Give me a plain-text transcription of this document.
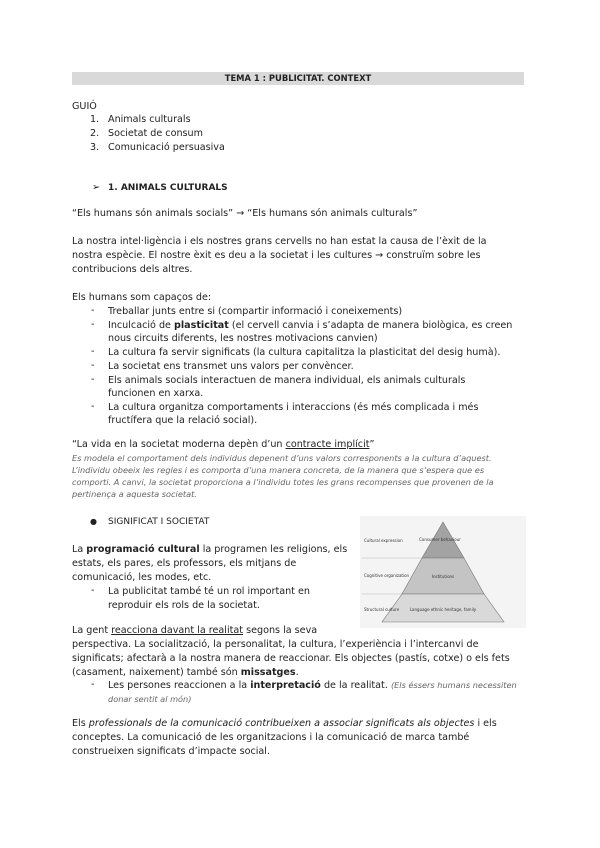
TEMA 1 : PUBLICITAT. CONTEXT
GUIÓ
1. Animals culturals
2. Societat de consum
3. Comunicació persuasiva
➢ 1. ANIMALS CULTURALS
“Els humans són animals socials” → “Els humans són animals culturals”
La nostra intel·ligència i els nostres grans cervells no han estat la causa de l’èxit de la
nostra espècie. El nostre èxit es deu a la societat i les cultures → construïm sobre les
contribucions dels altres.
Els humans som capaços de:
- Treballar junts entre si (compartir informació i coneixements)
- Inculcació de plasticitat (el cervell canvia i s’adapta de manera biològica, es creen
nous circuits diferents, les nostres motivacions canvien)
- La cultura fa servir significats (la cultura capitalitza la plasticitat del desig humà).
- La societat ens transmet uns valors per convèncer.
- Els animals socials interactuen de manera individual, els animals culturals
funcionen en xarxa.
- La cultura organitza comportaments i interaccions (és més complicada i més
fructífera que la relació social).
“La vida en la societat moderna depèn d’un contracte implícit”
Es modela el comportament dels individus depenent d’uns valors corresponents a la cultura d’aquest.
L’individu obeeix les regles i es comporta d’una manera concreta, de la manera que s’espera que es
comporti. A canvi, la societat proporciona a l’individu totes les grans recompenses que provenen de la
pertinença a aquesta societat.
● SIGNIFICAT I SOCIETAT
La programació cultural la programen les religions, els
estats, els pares, els professors, els mitjans de
comunicació, les modes, etc.
- La publicitat també té un rol important en
reproduir els rols de la societat.
La gent reacciona davant la realitat segons la seva
perspectiva. La socialització, la personalitat, la cultura, l’experiència i l’intercanvi de
significats; afectarà a la nostra manera de reaccionar. Els objectes (pastís, cotxe) o els fets
(casament, naixement) també són missatges.
- Les persones reaccionen a la interpretació de la realitat. (Els éssers humans necessiten
donar sentit al món)
Els professionals de la comunicació contribueixen a associar significats als objectes i els
conceptes. La comunicació de les organitzacions i la comunicació de marca també
construeixen significats d’impacte social.
Consumer behaviour
Institutions
Language ethnic heritage, family
Cultural expression
Cognitive organization
Structural culture
